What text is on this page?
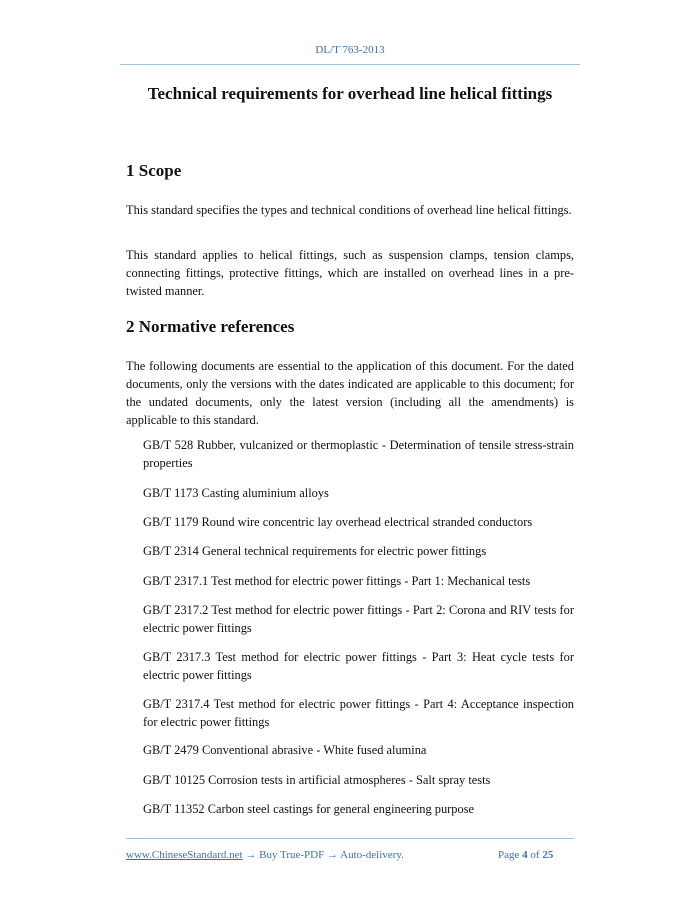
DL/T 763-2013
Technical requirements for overhead line helical fittings
1 Scope

This standard specifies the types and technical conditions of overhead line helical fittings.

This standard applies to helical fittings, such as suspension clamps, tension clamps, connecting fittings, protective fittings, which are installed on overhead lines in a pre-twisted manner.

2 Normative references

The following documents are essential to the application of this document. For the dated documents, only the versions with the dates indicated are applicable to this document; for the undated documents, only the latest version (including all the amendments) is applicable to this standard.

GB/T 528 Rubber, vulcanized or thermoplastic - Determination of tensile stress-strain properties

GB/T 1173 Casting aluminium alloys

GB/T 1179 Round wire concentric lay overhead electrical stranded conductors

GB/T 2314 General technical requirements for electric power fittings

GB/T 2317.1 Test method for electric power fittings - Part 1: Mechanical tests

GB/T 2317.2 Test method for electric power fittings - Part 2: Corona and RIV tests for electric power fittings

GB/T 2317.3 Test method for electric power fittings - Part 3: Heat cycle tests for electric power fittings

GB/T 2317.4 Test method for electric power fittings - Part 4: Acceptance inspection for electric power fittings

GB/T 2479 Conventional abrasive - White fused alumina

GB/T 10125 Corrosion tests in artificial atmospheres - Salt spray tests

GB/T 11352 Carbon steel castings for general engineering purpose

www.ChineseStandard.net → Buy True-PDF → Auto-delivery.	Page 4 of 25
